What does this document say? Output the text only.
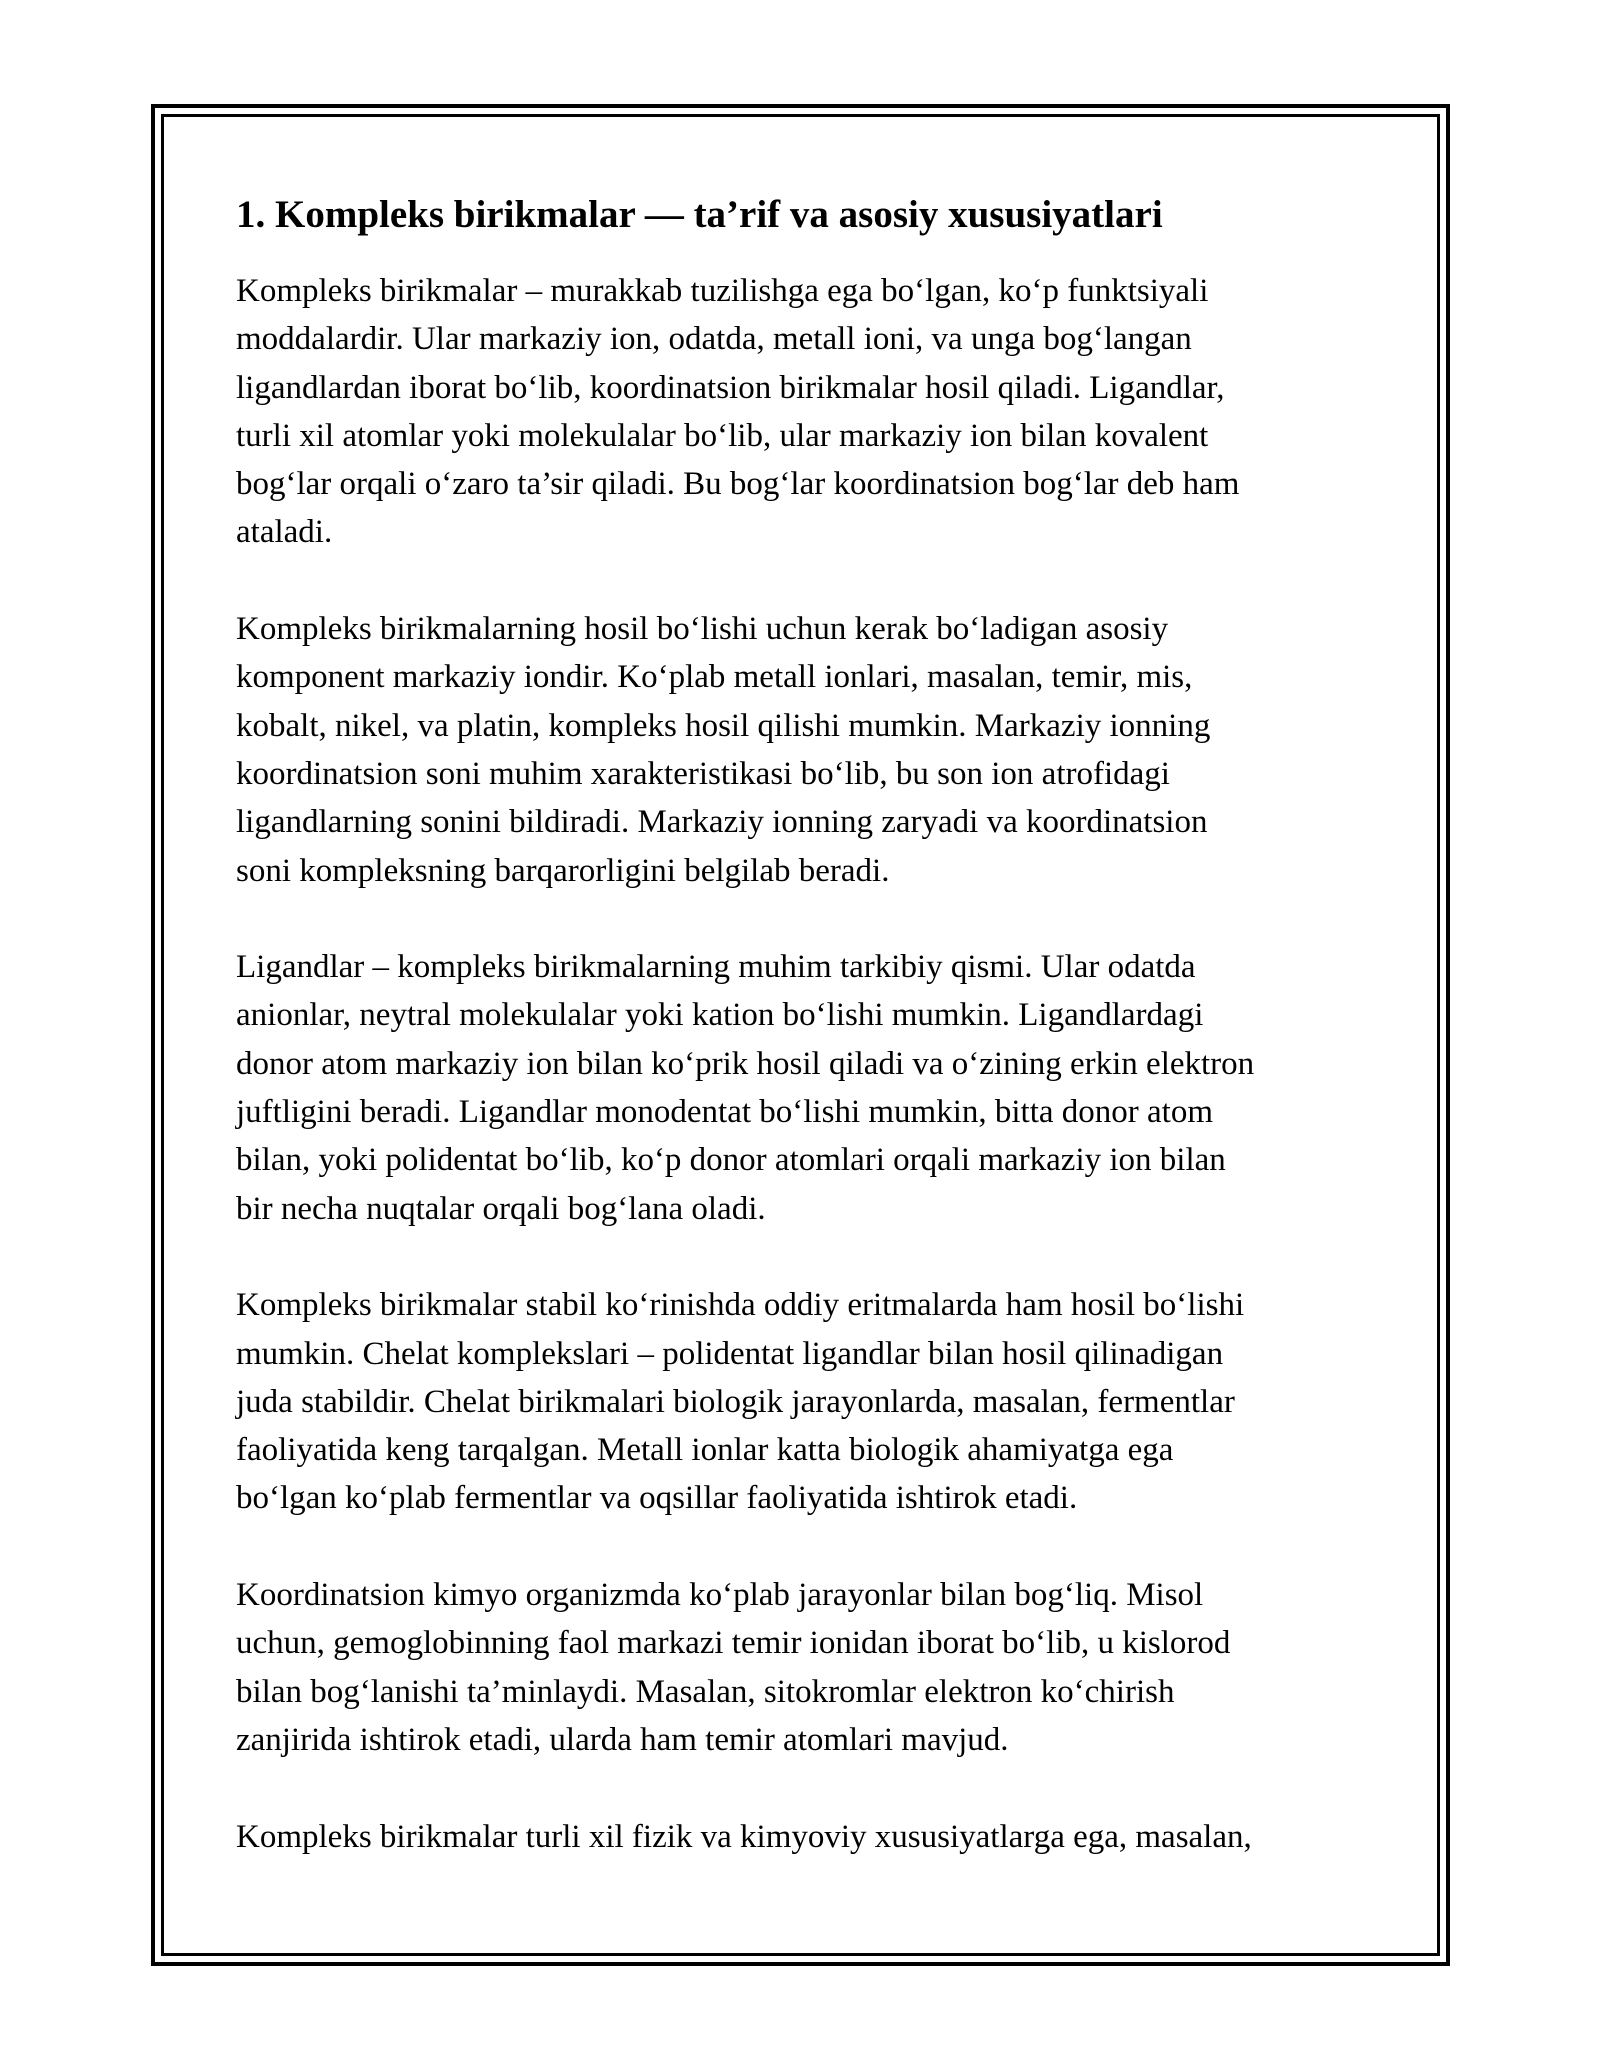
1. Kompleks birikmalar — ta’rif va asosiy xususiyatlari
Kompleks birikmalar – murakkab tuzilishga ega bo‘lgan, ko‘p funktsiyali
moddalardir. Ular markaziy ion, odatda, metall ioni, va unga bog‘langan
ligandlardan iborat bo‘lib, koordinatsion birikmalar hosil qiladi. Ligandlar,
turli xil atomlar yoki molekulalar bo‘lib, ular markaziy ion bilan kovalent
bog‘lar orqali o‘zaro ta’sir qiladi. Bu bog‘lar koordinatsion bog‘lar deb ham
ataladi.
Kompleks birikmalarning hosil bo‘lishi uchun kerak bo‘ladigan asosiy
komponent markaziy iondir. Ko‘plab metall ionlari, masalan, temir, mis,
kobalt, nikel, va platin, kompleks hosil qilishi mumkin. Markaziy ionning
koordinatsion soni muhim xarakteristikasi bo‘lib, bu son ion atrofidagi
ligandlarning sonini bildiradi. Markaziy ionning zaryadi va koordinatsion
soni kompleksning barqarorligini belgilab beradi.
Ligandlar – kompleks birikmalarning muhim tarkibiy qismi. Ular odatda
anionlar, neytral molekulalar yoki kation bo‘lishi mumkin. Ligandlardagi
donor atom markaziy ion bilan ko‘prik hosil qiladi va o‘zining erkin elektron
juftligini beradi. Ligandlar monodentat bo‘lishi mumkin, bitta donor atom
bilan, yoki polidentat bo‘lib, ko‘p donor atomlari orqali markaziy ion bilan
bir necha nuqtalar orqali bog‘lana oladi.
Kompleks birikmalar stabil ko‘rinishda oddiy eritmalarda ham hosil bo‘lishi
mumkin. Chelat komplekslari – polidentat ligandlar bilan hosil qilinadigan
juda stabildir. Chelat birikmalari biologik jarayonlarda, masalan, fermentlar
faoliyatida keng tarqalgan. Metall ionlar katta biologik ahamiyatga ega
bo‘lgan ko‘plab fermentlar va oqsillar faoliyatida ishtirok etadi.
Koordinatsion kimyo organizmda ko‘plab jarayonlar bilan bog‘liq. Misol
uchun, gemoglobinning faol markazi temir ionidan iborat bo‘lib, u kislorod
bilan bog‘lanishi ta’minlaydi. Masalan, sitokromlar elektron ko‘chirish
zanjirida ishtirok etadi, ularda ham temir atomlari mavjud.
Kompleks birikmalar turli xil fizik va kimyoviy xususiyatlarga ega, masalan,
